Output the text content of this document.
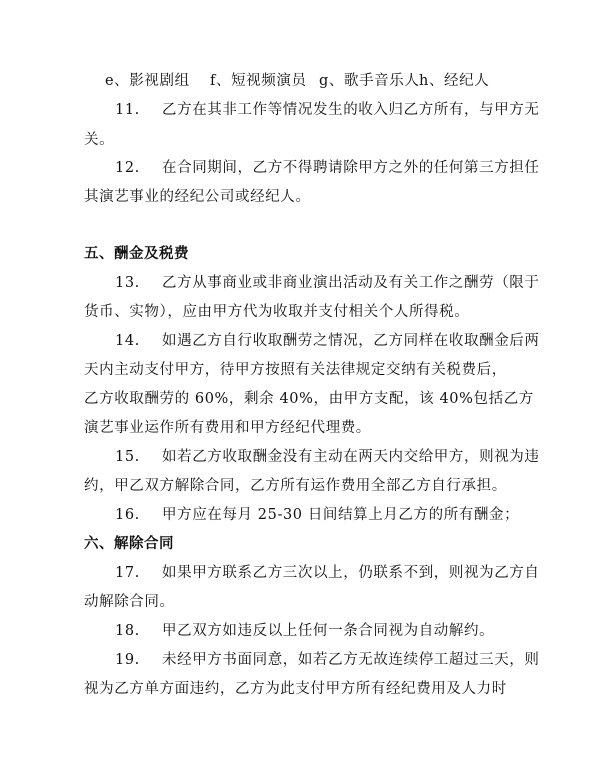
e、影视剧组 f、短视频演员 g、歌手音乐人h、经纪人
11. 乙方在其非工作等情况发生的收入归乙方所有，与甲方无
关。
12. 在合同期间，乙方不得聘请除甲方之外的任何第三方担任
其演艺事业的经纪公司或经纪人。
五、酬金及税费
13. 乙方从事商业或非商业演出活动及有关工作之酬劳（限于
货币、实物），应由甲方代为收取并支付相关个人所得税。
14. 如遇乙方自行收取酬劳之情况，乙方同样在收取酬金后两
天内主动支付甲方，待甲方按照有关法律规定交纳有关税费后，
乙方收取酬劳的 60%，剩余 40%，由甲方支配，该 40%包括乙方
演艺事业运作所有费用和甲方经纪代理费。
15. 如若乙方收取酬金没有主动在两天内交给甲方，则视为违
约，甲乙双方解除合同，乙方所有运作费用全部乙方自行承担。
16. 甲方应在每月 25-30 日间结算上月乙方的所有酬金；
六、解除合同
17. 如果甲方联系乙方三次以上，仍联系不到，则视为乙方自
动解除合同。
18. 甲乙双方如违反以上任何一条合同视为自动解约。
19. 未经甲方书面同意，如若乙方无故连续停工超过三天，则
视为乙方单方面违约，乙方为此支付甲方所有经纪费用及人力时
